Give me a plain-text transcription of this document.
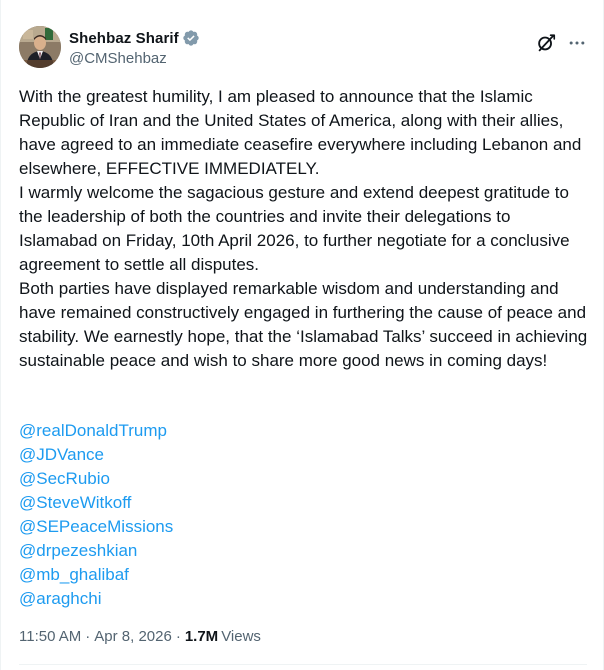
Shehbaz Sharif
@CMShehbaz

With the greatest humility, I am pleased to announce that the Islamic Republic of Iran and the United States of America, along with their allies, have agreed to an immediate ceasefire everywhere including Lebanon and elsewhere, EFFECTIVE IMMEDIATELY.

I warmly welcome the sagacious gesture and extend deepest gratitude to the leadership of both the countries and invite their delegations to Islamabad on Friday, 10th April 2026, to further negotiate for a conclusive agreement to settle all disputes.

Both parties have displayed remarkable wisdom and understanding and have remained constructively engaged in furthering the cause of peace and stability. We earnestly hope, that the ‘Islamabad Talks’ succeed in achieving sustainable peace and wish to share more good news in coming days!

@realDonaldTrump
@JDVance
@SecRubio
@SteveWitkoff
@SEPeaceMissions
@drpezeshkian
@mb_ghalibaf
@araghchi
11:50 AM · Apr 8, 2026 · 1.7M Views
